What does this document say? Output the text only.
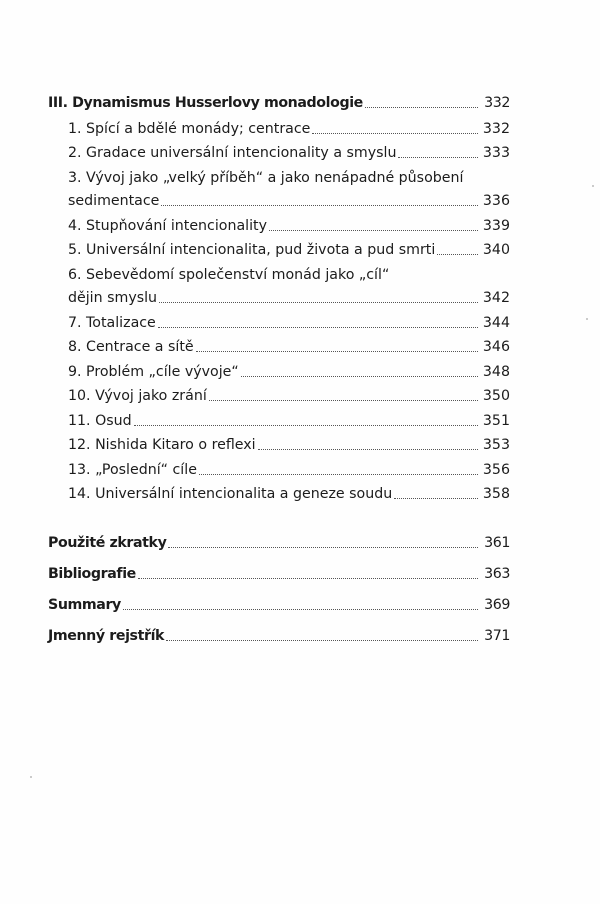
III. Dynamismus Husserlovy monadologie	332
1. Spící a bdělé monády; centrace	332
2. Gradace universální intencionality a smyslu	333
3. Vývoj jako „velký příběh“ a jako nenápadné působení
sedimentace	336
4. Stupňování intencionality	339
5. Universální intencionalita, pud života a pud smrti	340
6. Sebevědomí společenství monád jako „cíl“
dějin smyslu	342
7. Totalizace	344
8. Centrace a sítě	346
9. Problém „cíle vývoje“	348
10. Vývoj jako zrání	350
11. Osud	351
12. Nishida Kitaro o reflexi	353
13. „Poslední“ cíle	356
14. Universální intencionalita a geneze soudu	358
Použité zkratky	361
Bibliografie	363
Summary	369
Jmenný rejstřík	371
